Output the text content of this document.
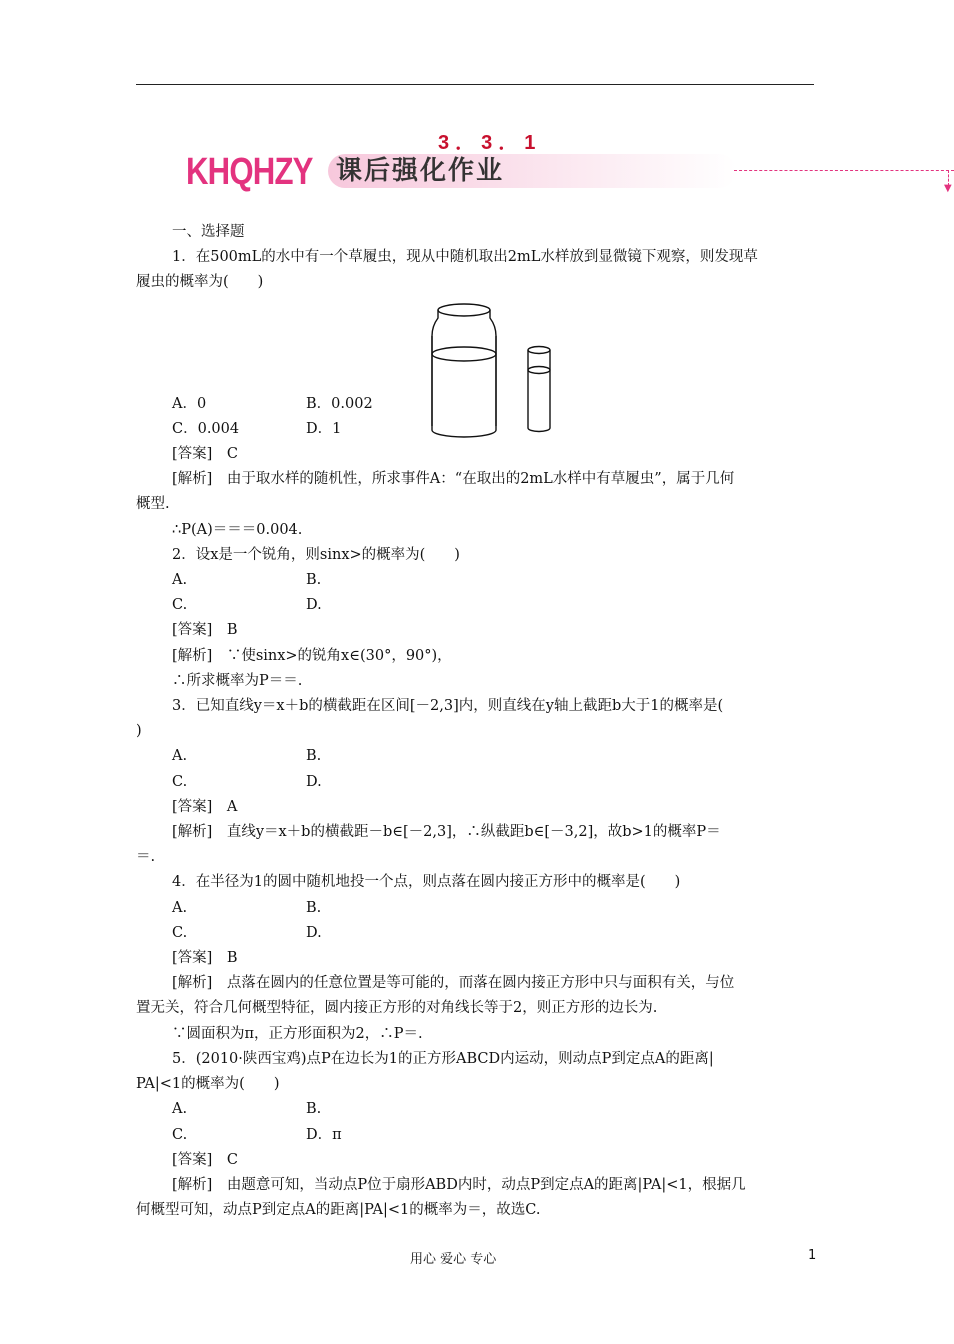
3．3．1
KHQHZY 课后强化作业
▼

一、选择题

1．在500mL的水中有一个草履虫，现从中随机取出2mL水样放到显微镜下观察，则发现草

履虫的概率为(　　)

A．0	B．0.002
C．0.004	D．1

[答案]　C

[解析]　由于取水样的随机性，所求事件A：“在取出的2mL水样中有草履虫”，属于几何

概型.

∴P(A)＝＝＝0.004.

2．设x是一个锐角，则sinx>的概率为(　　)

A.	B.
C.	D.

[答案]　B

[解析]　∵使sinx>的锐角x∈(30°，90°)，

∴所求概率为P＝＝.

3．已知直线y＝x＋b的横截距在区间[－2,3]内，则直线在y轴上截距b大于1的概率是(

)

A.	B.
C.	D.

[答案]　A

[解析]　直线y＝x＋b的横截距－b∈[－2,3]，∴纵截距b∈[－3,2]，故b>1的概率P＝

＝.

4．在半径为1的圆中随机地投一个点，则点落在圆内接正方形中的概率是(　　)

A.	B.
C.	D.

[答案]　B

[解析]　点落在圆内的任意位置是等可能的，而落在圆内接正方形中只与面积有关，与位

置无关，符合几何概型特征，圆内接正方形的对角线长等于2，则正方形的边长为.

∵圆面积为π，正方形面积为2，∴P＝.

5．(2010·陕西宝鸡)点P在边长为1的正方形ABCD内运动，则动点P到定点A的距离|

PA|<1的概率为(　　)

A.	B.
C.	D．π

[答案]　C

[解析]　由题意可知，当动点P位于扇形ABD内时，动点P到定点A的距离|PA|<1，根据几

何概型可知，动点P到定点A的距离|PA|<1的概率为＝，故选C.

用心 爱心 专心	1
